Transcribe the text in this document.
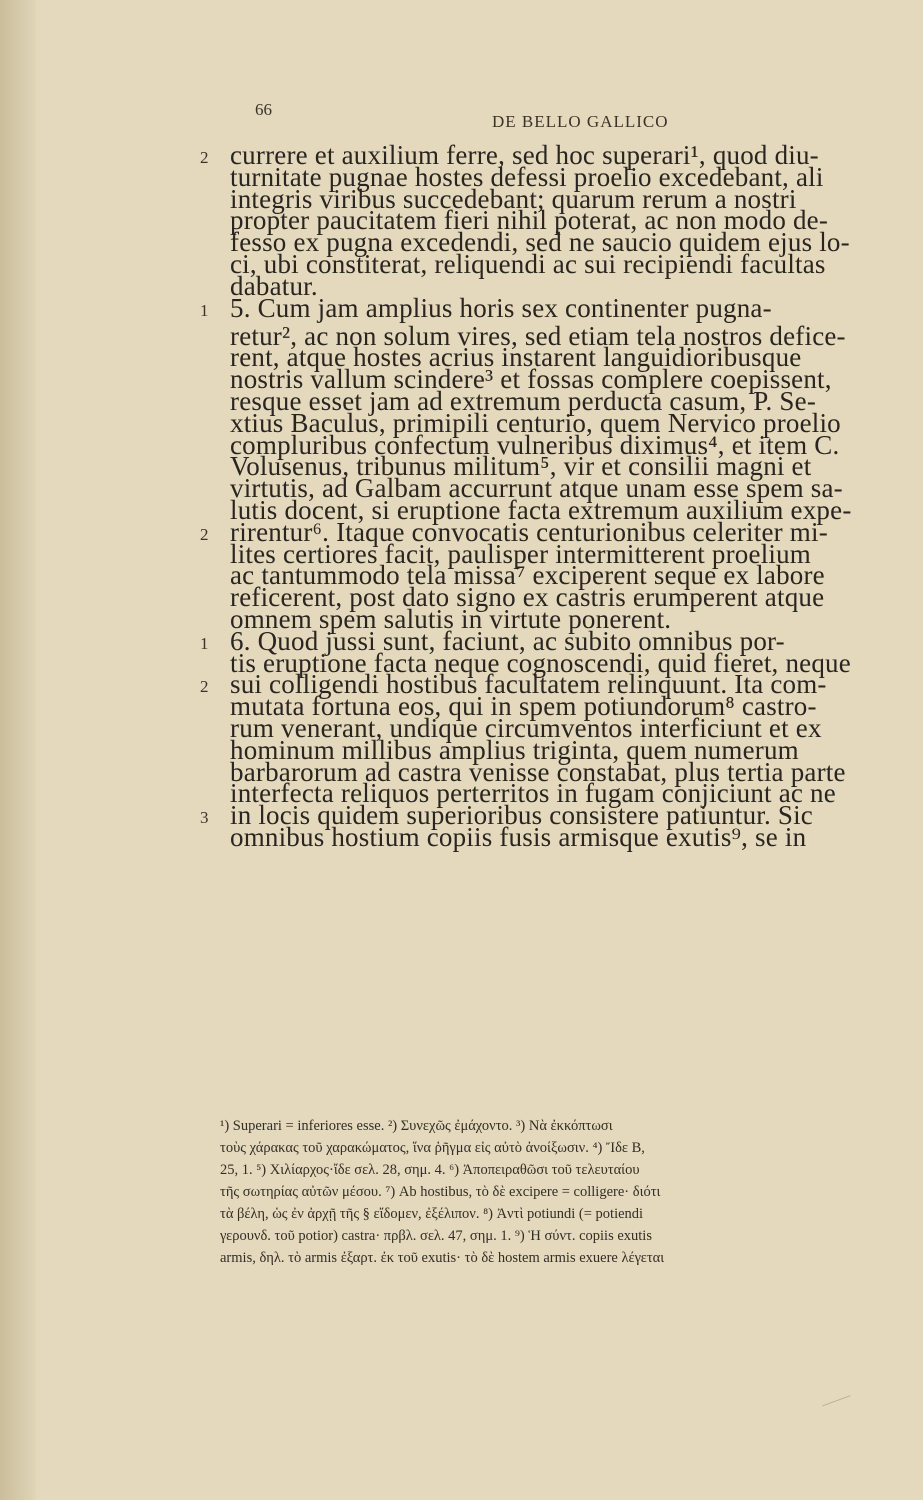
66
DE BELLO GALLICO
2 currere et auxilium ferre, sed hoc superari¹, quod diu-
turnitate pugnae hostes defessi proelio excedebant, ali
integris viribus succedebant; quarum rerum a nostri
propter paucitatem fieri nihil poterat, ac non modo de-
fesso ex pugna excedendi, sed ne saucio quidem ejus lo-
ci, ubi constiterat, reliquendi ac sui recipiendi facultas
dabatur.
1 5. Cum jam amplius horis sex continenter pugna-
retur², ac non solum vires, sed etiam tela nostros defice-
rent, atque hostes acrius instarent languidioribusque
nostris vallum scindere³ et fossas complere coepissent,
resque esset jam ad extremum perducta casum, P. Se-
xtius Baculus, primipili centurio, quem Nervico proelio
compluribus confectum vulneribus diximus⁴, et item C.
Volusenus, tribunus militum⁵, vir et consilii magni et
virtutis, ad Galbam accurrunt atque unam esse spem sa-
lutis docent, si eruptione facta extremum auxilium expe-
2 rirentur⁶. Itaque convocatis centurionibus celeriter mi-
lites certiores facit, paulisper intermitterent proelium
ac tantummodo tela missa⁷ exciperent seque ex labore
reficerent, post dato signo ex castris erumperent atque
omnem spem salutis in virtute ponerent.
1 6. Quod jussi sunt, faciunt, ac subito omnibus por-
tis eruptione facta neque cognoscendi, quid fieret, neque
2 sui colligendi hostibus facultatem relinquunt. Ita com-
mutata fortuna eos, qui in spem potiundorum⁸ castro-
rum venerant, undique circumventos interficiunt et ex
hominum millibus amplius triginta, quem numerum
barbarorum ad castra venisse constabat, plus tertia parte
interfecta reliquos perterritos in fugam conjiciunt ac ne
3 in locis quidem superioribus consistere patiuntur. Sic
omnibus hostium copiis fusis armisque exutis⁹, se in
¹) Superari = inferiores esse. ²) Συνεχῶς ἐμάχοντο. ³) Νὰ ἐκκόπτωσι
τοὺς χάρακας τοῦ χαρακώματος, ἵνα ῥῆγμα εἰς αὐτὸ ἀνοίξωσιν. ⁴) Ἴδε Β,
25, 1. ⁵) Χιλίαρχος·ἴδε σελ. 28, σημ. 4. ⁶) Ἀποπειραθῶσι τοῦ τελευταίου
τῆς σωτηρίας αὐτῶν μέσου. ⁷) Ab hostibus, τὸ δὲ excipere = colligere· διότι
τὰ βέλη, ὡς ἐν ἀρχῇ τῆς § εἴδομεν, ἐξέλιπον. ⁸) Ἀντὶ potiundi (= potiendi
γερουνδ. τοῦ potior) castra· πρβλ. σελ. 47, σημ. 1. ⁹) Ἡ σύντ. copiis exutis
armis, δηλ. τὸ armis ἐξαρτ. ἐκ τοῦ exutis· τὸ δὲ hostem armis exuere λέγεται
